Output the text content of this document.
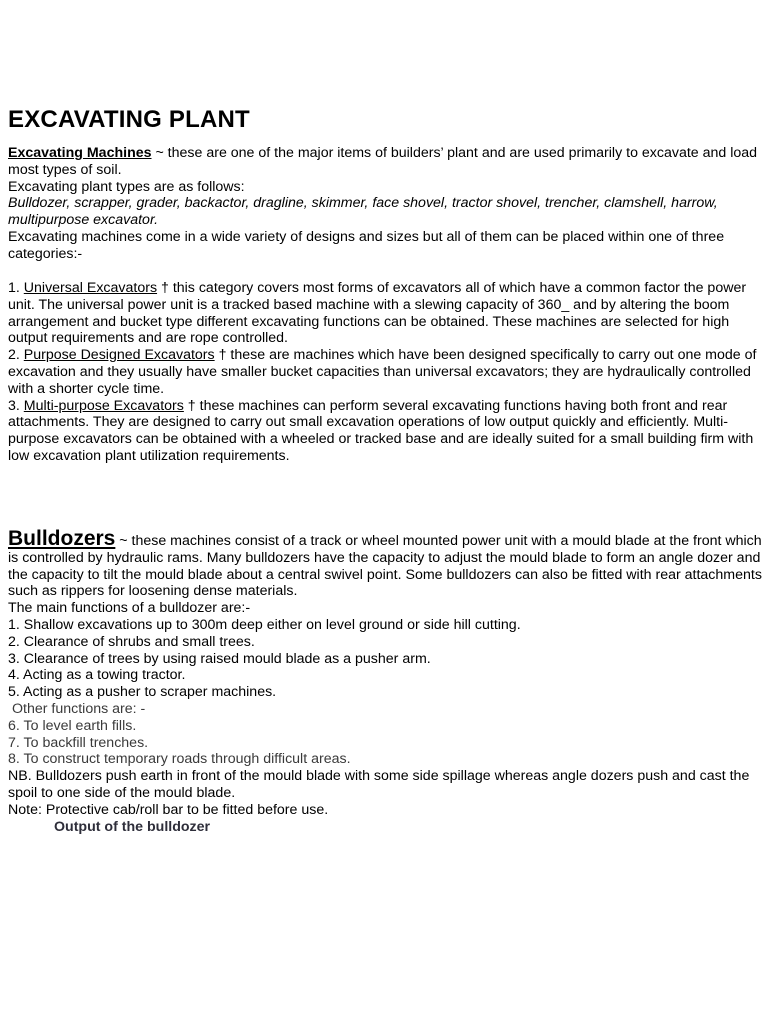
EXCAVATING PLANT

Excavating Machines ~ these are one of the major items of builders’ plant and are used primarily to excavate and load most types of soil.

Excavating plant types are as follows:

Bulldozer, scrapper, grader, backactor, dragline, skimmer, face shovel, tractor shovel, trencher, clamshell, harrow, multipurpose excavator.

Excavating machines come in a wide variety of designs and sizes but all of them can be placed within one of three categories:-

1. Universal Excavators † this category covers most forms of excavators all of which have a common factor the power unit. The universal power unit is a tracked based machine with a slewing capacity of 360_ and by altering the boom arrangement and bucket type different excavating functions can be obtained. These machines are selected for high output requirements and are rope controlled.

2. Purpose Designed Excavators † these are machines which have been designed specifically to carry out one mode of excavation and they usually have smaller bucket capacities than universal excavators; they are hydraulically controlled with a shorter cycle time.

3. Multi-purpose Excavators † these machines can perform several excavating functions having both front and rear attachments. They are designed to carry out small excavation operations of low output quickly and efficiently. Multi-purpose excavators can be obtained with a wheeled or tracked base and are ideally suited for a small building firm with low excavation plant utilization requirements.

Bulldozers ~ these machines consist of a track or wheel mounted power unit with a mould blade at the front which is controlled by hydraulic rams. Many bulldozers have the capacity to adjust the mould blade to form an angle dozer and the capacity to tilt the mould blade about a central swivel point. Some bulldozers can also be fitted with rear attachments such as rippers for loosening dense materials.

The main functions of a bulldozer are:-

1. Shallow excavations up to 300m deep either on level ground or side hill cutting.

2. Clearance of shrubs and small trees.

3. Clearance of trees by using raised mould blade as a pusher arm.

4. Acting as a towing tractor.

5. Acting as a pusher to scraper machines.

Other functions are: -

6. To level earth fills.

7. To backfill trenches.

8. To construct temporary roads through difficult areas.

NB. Bulldozers push earth in front of the mould blade with some side spillage whereas angle dozers push and cast the spoil to one side of the mould blade.

Note: Protective cab/roll bar to be fitted before use.

Output of the bulldozer
